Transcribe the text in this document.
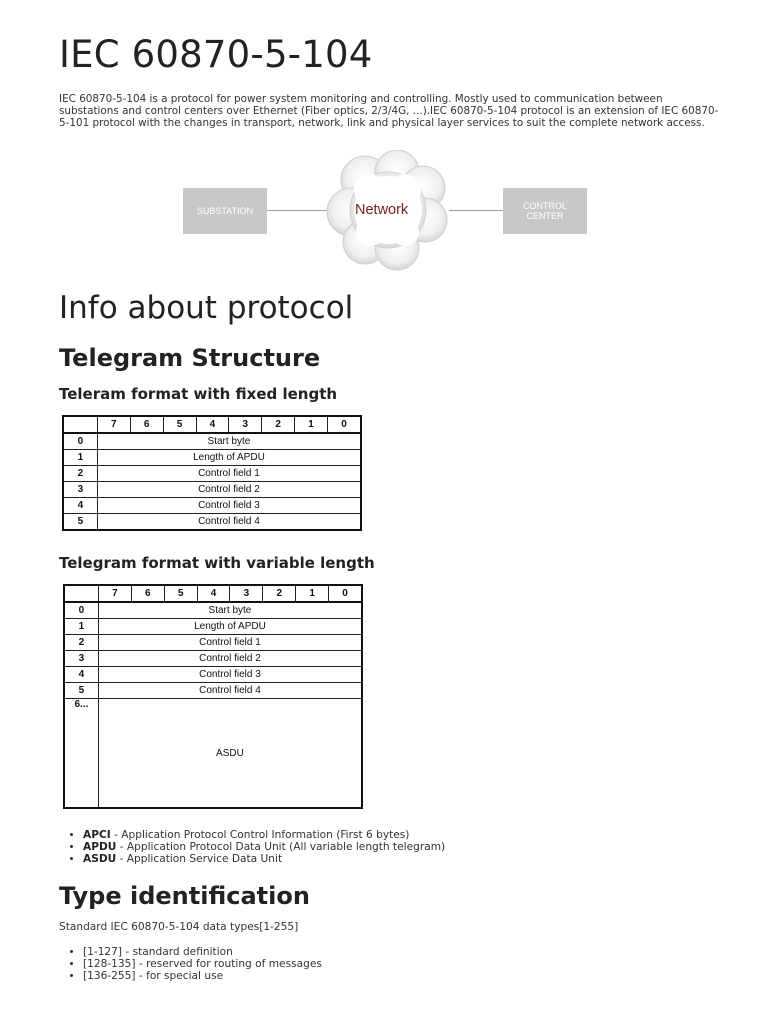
IEC 60870-5-104

IEC 60870-5-104 is a protocol for power system monitoring and controlling. Mostly used to communication between substations and control centers over Ethernet (Fiber optics, 2/3/4G, ...).IEC 60870-5-104 protocol is an extension of IEC 60870-5-101 protocol with the changes in transport, network, link and physical layer services to suit the complete network access.

SUBSTATION	Network	CONTROL
CENTER
Info about protocol
Telegram Structure
Teleram format with fixed length
	7	6	5	4	3	2	1	0
0	Start byte							
1	Length of APDU							
2	Control field 1							
3	Control field 2							
4	Control field 3							
5	Control field 4							
Telegram format with variable length
	7	6	5	4	3	2	1	0
0	Start byte							
1	Length of APDU							
2	Control field 1							
3	Control field 2							
4	Control field 3							
5	Control field 4							
6...	ASDU							
• APCI - Application Protocol Control Information (First 6 bytes)
• APDU - Application Protocol Data Unit (All variable length telegram)
• ASDU - Application Service Data Unit
Type identification

Standard IEC 60870-5-104 data types[1-255]

• [1-127] - standard definition
• [128-135] - reserved for routing of messages
• [136-255] - for special use
